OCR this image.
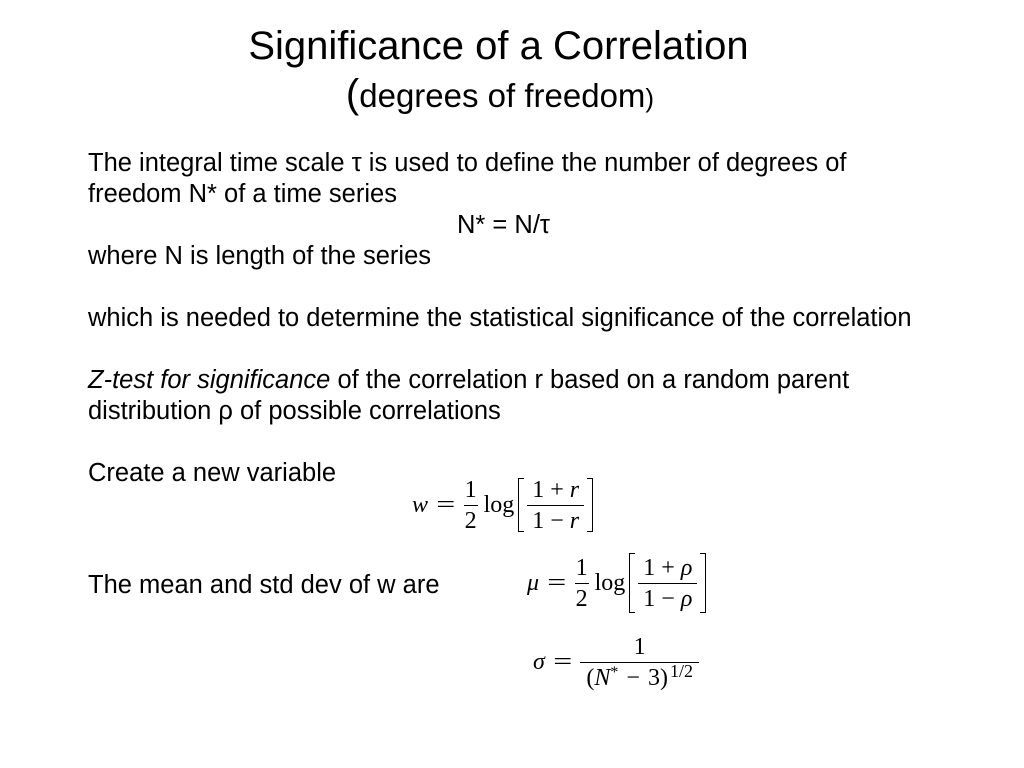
Significance of a Correlation
(degrees of freedom)
The integral time scale τ is used to define the number of degrees of
freedom N* of a time series
N* = N/τ
where N is length of the series
which is needed to determine the statistical significance of the correlation
Z-test for significance of the correlation r based on a random parent
distribution ρ of possible correlations
Create a new variable
The mean and std dev of w are
$w = \frac{1}{2}$ $\log \frac{1 + r}{1 - r}$
$\mu = \frac{1}{2}$ $\log \frac{1 + \rho}{1 - \rho}$
$\sigma = \frac{1}{(N^* - 3) ^{1/2}}$
